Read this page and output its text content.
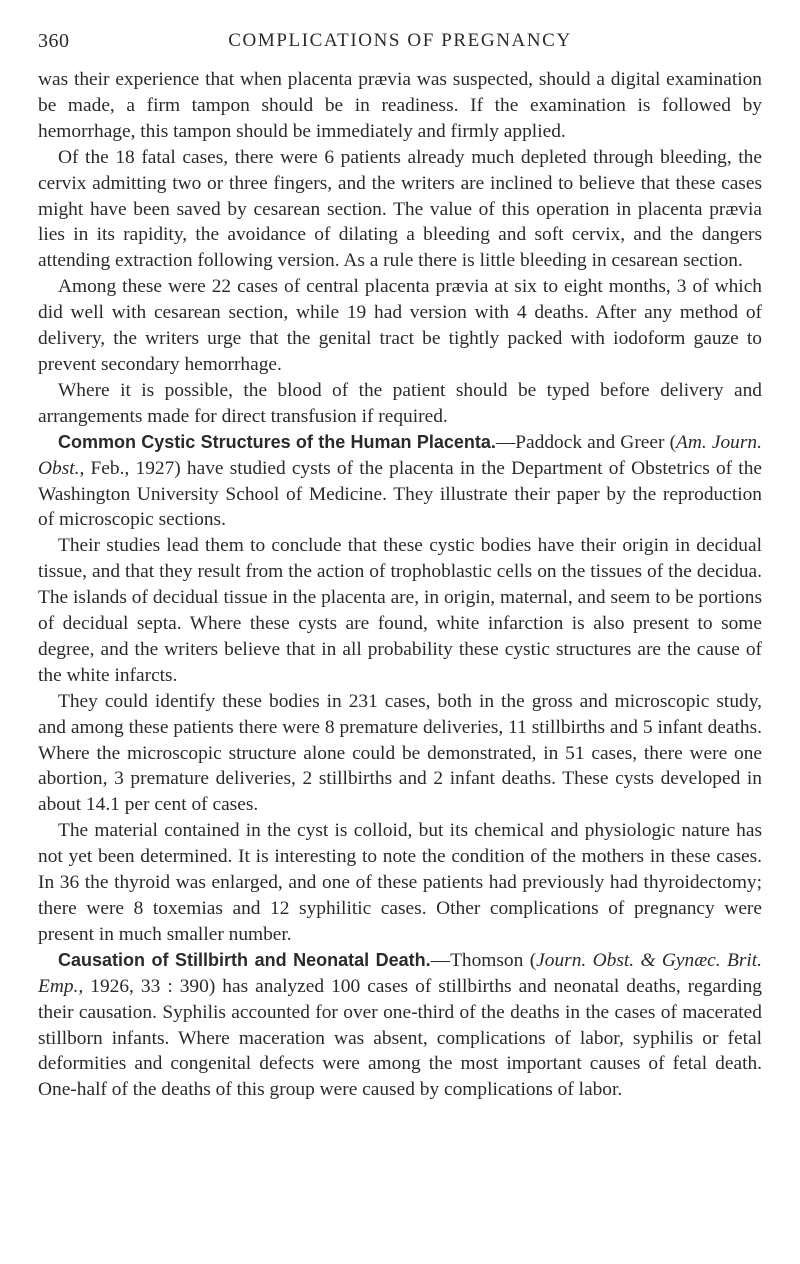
360	COMPLICATIONS OF PREGNANCY

was their experience that when placenta prævia was suspected, should a digital examination be made, a firm tampon should be in readiness. If the examination is followed by hemorrhage, this tampon should be immediately and firmly applied.

Of the 18 fatal cases, there were 6 patients already much depleted through bleeding, the cervix admitting two or three fingers, and the writers are inclined to believe that these cases might have been saved by cesarean section. The value of this operation in placenta prævia lies in its rapidity, the avoidance of dilating a bleeding and soft cervix, and the dangers attending extraction following version. As a rule there is little bleeding in cesarean section.

Among these were 22 cases of central placenta prævia at six to eight months, 3 of which did well with cesarean section, while 19 had version with 4 deaths. After any method of delivery, the writers urge that the genital tract be tightly packed with iodoform gauze to prevent secondary hemorrhage.

Where it is possible, the blood of the patient should be typed before delivery and arrangements made for direct transfusion if required.

Common Cystic Structures of the Human Placenta.—Paddock and Greer (Am. Journ. Obst., Feb., 1927) have studied cysts of the placenta in the Department of Obstetrics of the Washington University School of Medicine. They illustrate their paper by the reproduction of microscopic sections.

Their studies lead them to conclude that these cystic bodies have their origin in decidual tissue, and that they result from the action of trophoblastic cells on the tissues of the decidua. The islands of decidual tissue in the placenta are, in origin, maternal, and seem to be portions of decidual septa. Where these cysts are found, white infarction is also present to some degree, and the writers believe that in all probability these cystic structures are the cause of the white infarcts.

They could identify these bodies in 231 cases, both in the gross and microscopic study, and among these patients there were 8 premature deliveries, 11 stillbirths and 5 infant deaths. Where the microscopic structure alone could be demonstrated, in 51 cases, there were one abortion, 3 premature deliveries, 2 stillbirths and 2 infant deaths. These cysts developed in about 14.1 per cent of cases.

The material contained in the cyst is colloid, but its chemical and physiologic nature has not yet been determined. It is interesting to note the condition of the mothers in these cases. In 36 the thyroid was enlarged, and one of these patients had previously had thyroidectomy; there were 8 toxemias and 12 syphilitic cases. Other complications of pregnancy were present in much smaller number.

Causation of Stillbirth and Neonatal Death.—Thomson (Journ. Obst. & Gynæc. Brit. Emp., 1926, 33 : 390) has analyzed 100 cases of stillbirths and neonatal deaths, regarding their causation. Syphilis accounted for over one-third of the deaths in the cases of macerated stillborn infants. Where maceration was absent, complications of labor, syphilis or fetal deformities and congenital defects were among the most important causes of fetal death. One-half of the deaths of this group were caused by complications of labor.
